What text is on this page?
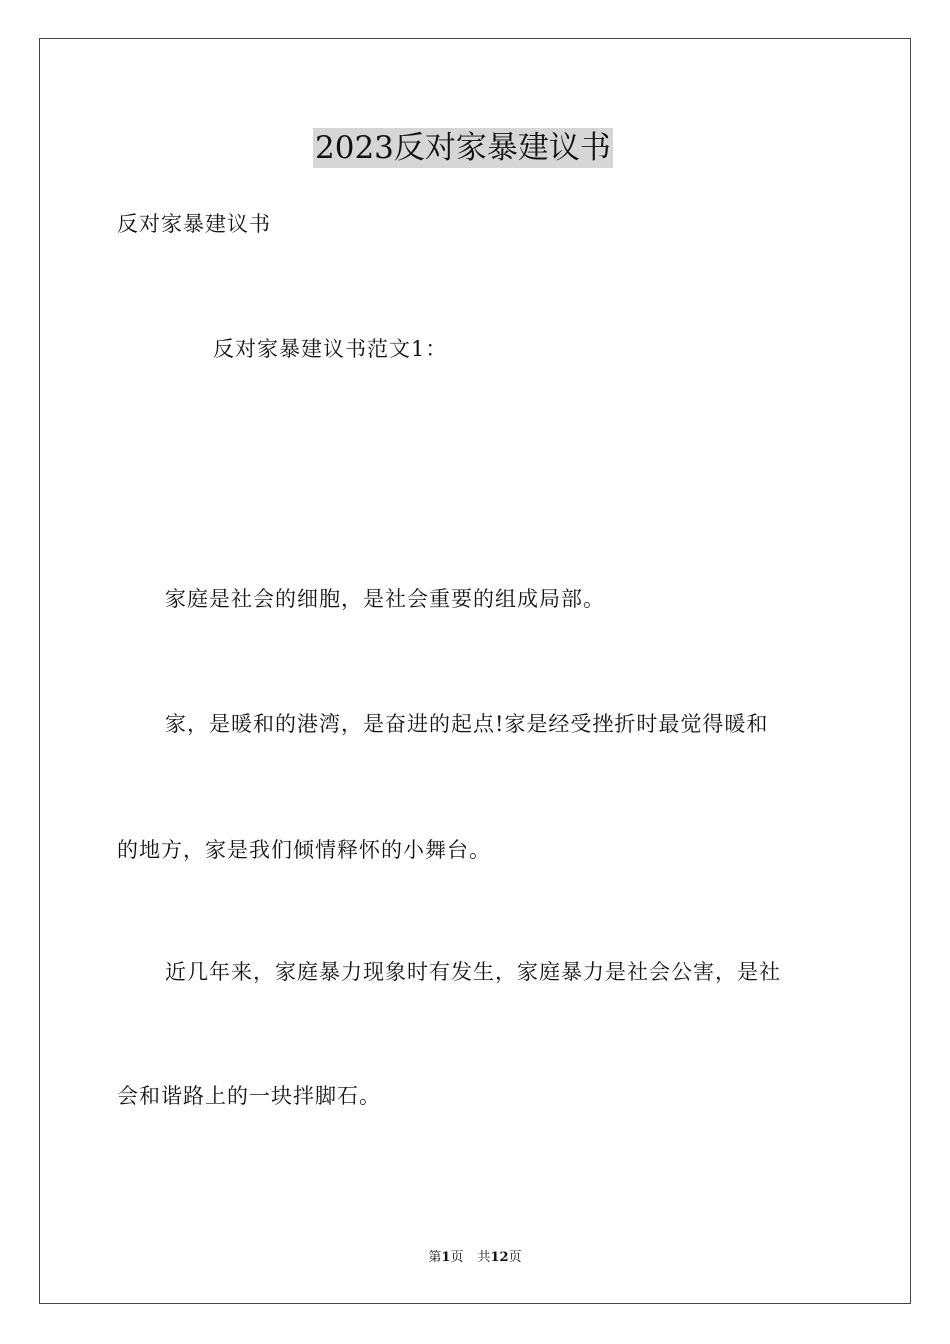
2023反对家暴建议书
反对家暴建议书
反对家暴建议书范文1：
家庭是社会的细胞，是社会重要的组成局部。
家，是暖和的港湾，是奋进的起点!家是经受挫折时最觉得暖和
的地方，家是我们倾情释怀的小舞台。
近几年来，家庭暴力现象时有发生，家庭暴力是社会公害，是社
会和谐路上的一块拌脚石。
第1页 共12页
